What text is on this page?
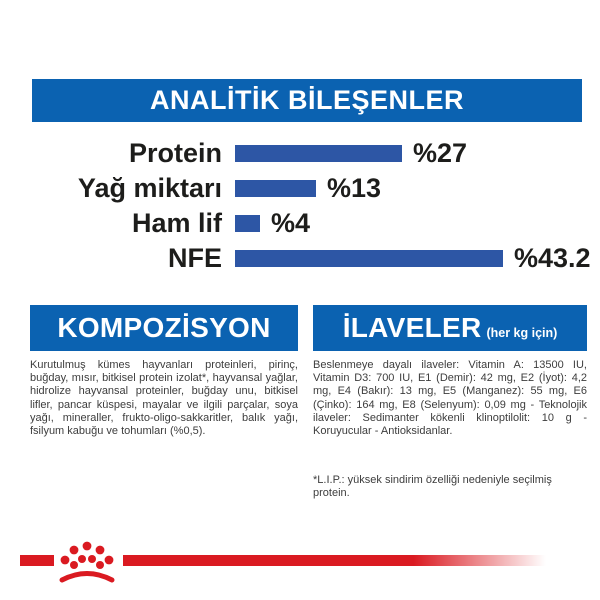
ANALİTİK BİLEŞENLER
Protein	%27
Yağ miktarı	%13
Ham lif	%4
NFE	%43.2
KOMPOZİSYON
Kurutulmuş kümes hayvanları proteinleri, pirinç, buğday, mısır, bitkisel protein izolat*, hayvansal yağlar, hidrolize hayvansal proteinler, buğday unu, bitkisel lifler, pancar küspesi, mayalar ve ilgili parçalar, soya yağı, mineraller, frukto-oligo-sakkaritler, balık yağı, fsilyum kabuğu ve tohumları (%0,5).
İLAVELER (her kg için)
Beslenmeye dayalı ilaveler: Vitamin A: 13500 IU, Vitamin D3: 700 IU, E1 (Demir): 42 mg, E2 (İyot): 4,2 mg, E4 (Bakır): 13 mg, E5 (Manganez): 55 mg, E6 (Çinko): 164 mg, E8 (Selenyum): 0,09 mg - Teknolojik ilaveler: Sedimanter kökenli klinoptilolit: 10 g - Koruyucular - Antioksidanlar.
*L.I.P.: yüksek sindirim özelliği nedeniyle seçilmiş protein.
